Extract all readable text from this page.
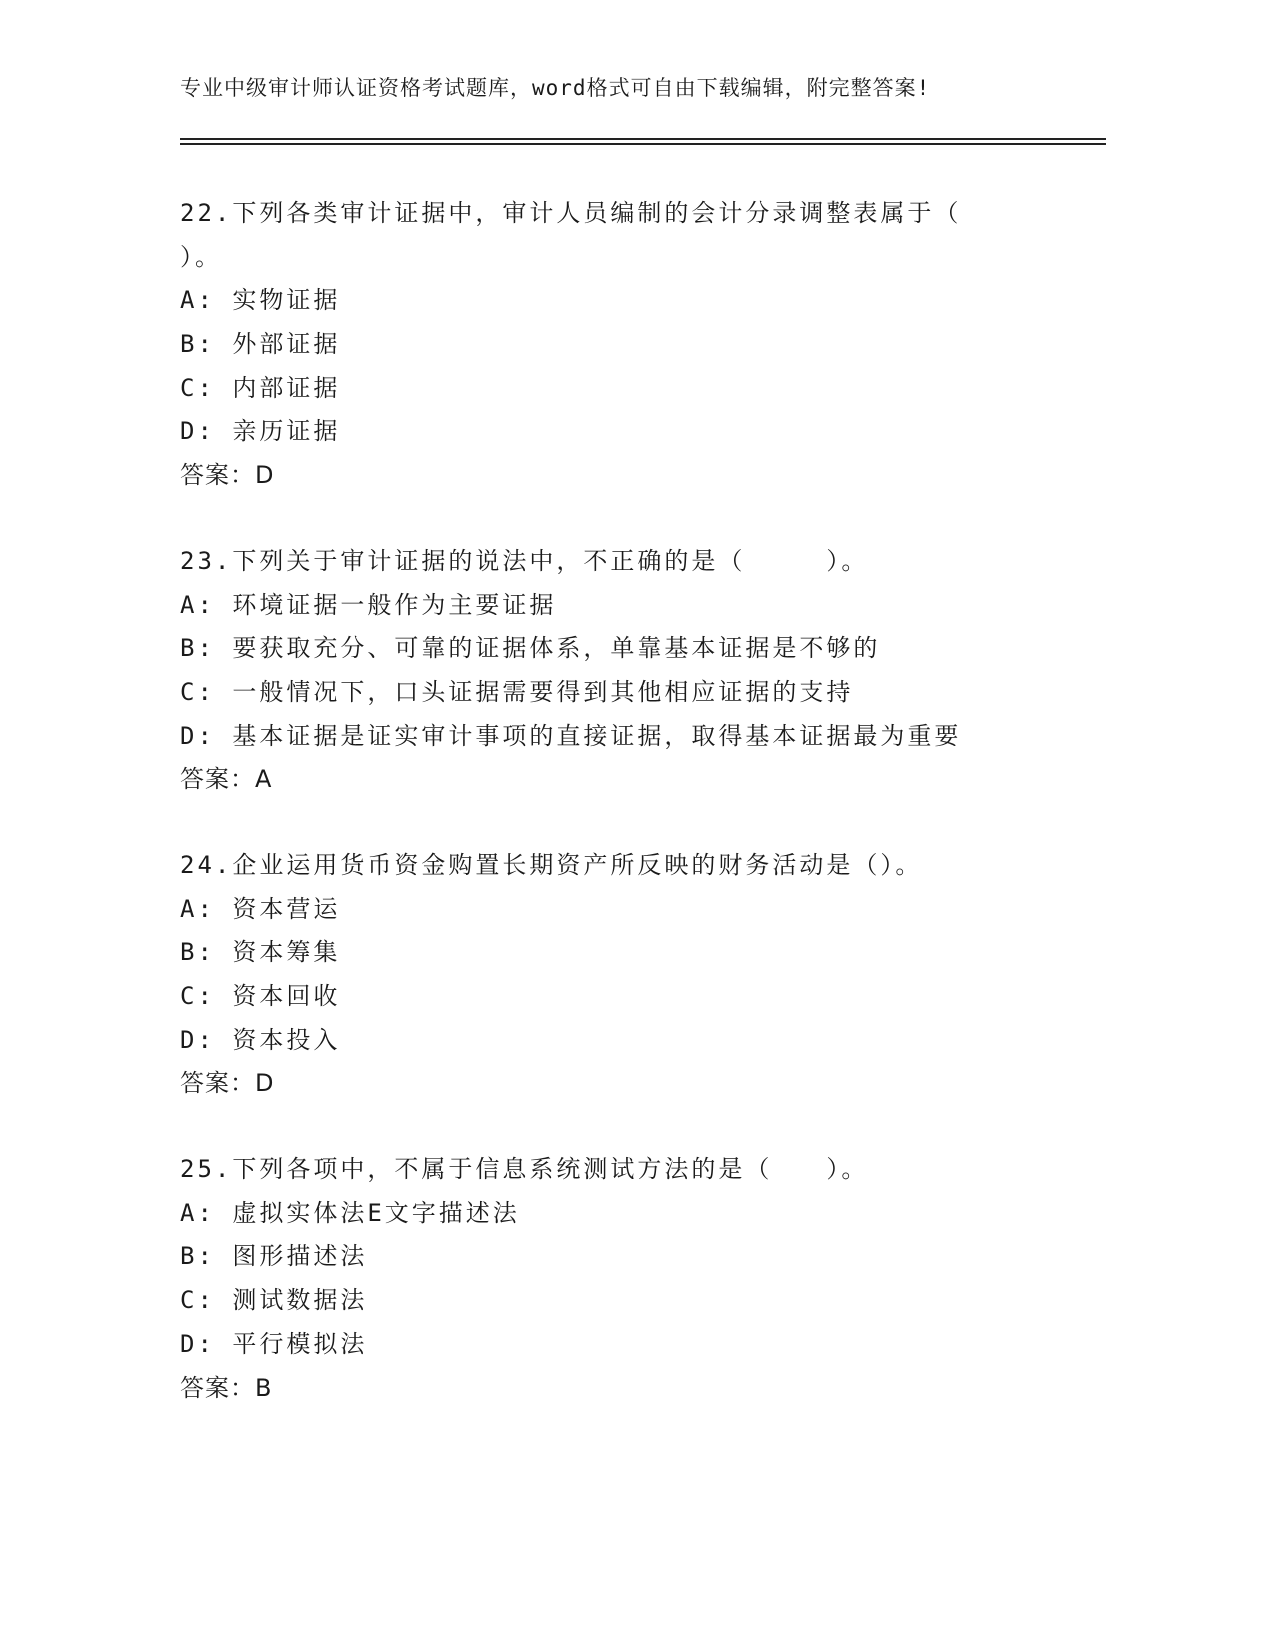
专业中级审计师认证资格考试题库，word格式可自由下载编辑，附完整答案!
22.下列各类审计证据中，审计人员编制的会计分录调整表属于（
）。
A: 实物证据
B: 外部证据
C: 内部证据
D: 亲历证据
答案：D
23.下列关于审计证据的说法中，不正确的是（　　　）。
A: 环境证据一般作为主要证据
B: 要获取充分、可靠的证据体系，单靠基本证据是不够的
C: 一般情况下，口头证据需要得到其他相应证据的支持
D: 基本证据是证实审计事项的直接证据，取得基本证据最为重要
答案：A
24.企业运用货币资金购置长期资产所反映的财务活动是（）。
A: 资本营运
B: 资本筹集
C: 资本回收
D: 资本投入
答案：D
25.下列各项中，不属于信息系统测试方法的是（　　）。
A: 虚拟实体法E文字描述法
B: 图形描述法
C: 测试数据法
D: 平行模拟法
答案：B
